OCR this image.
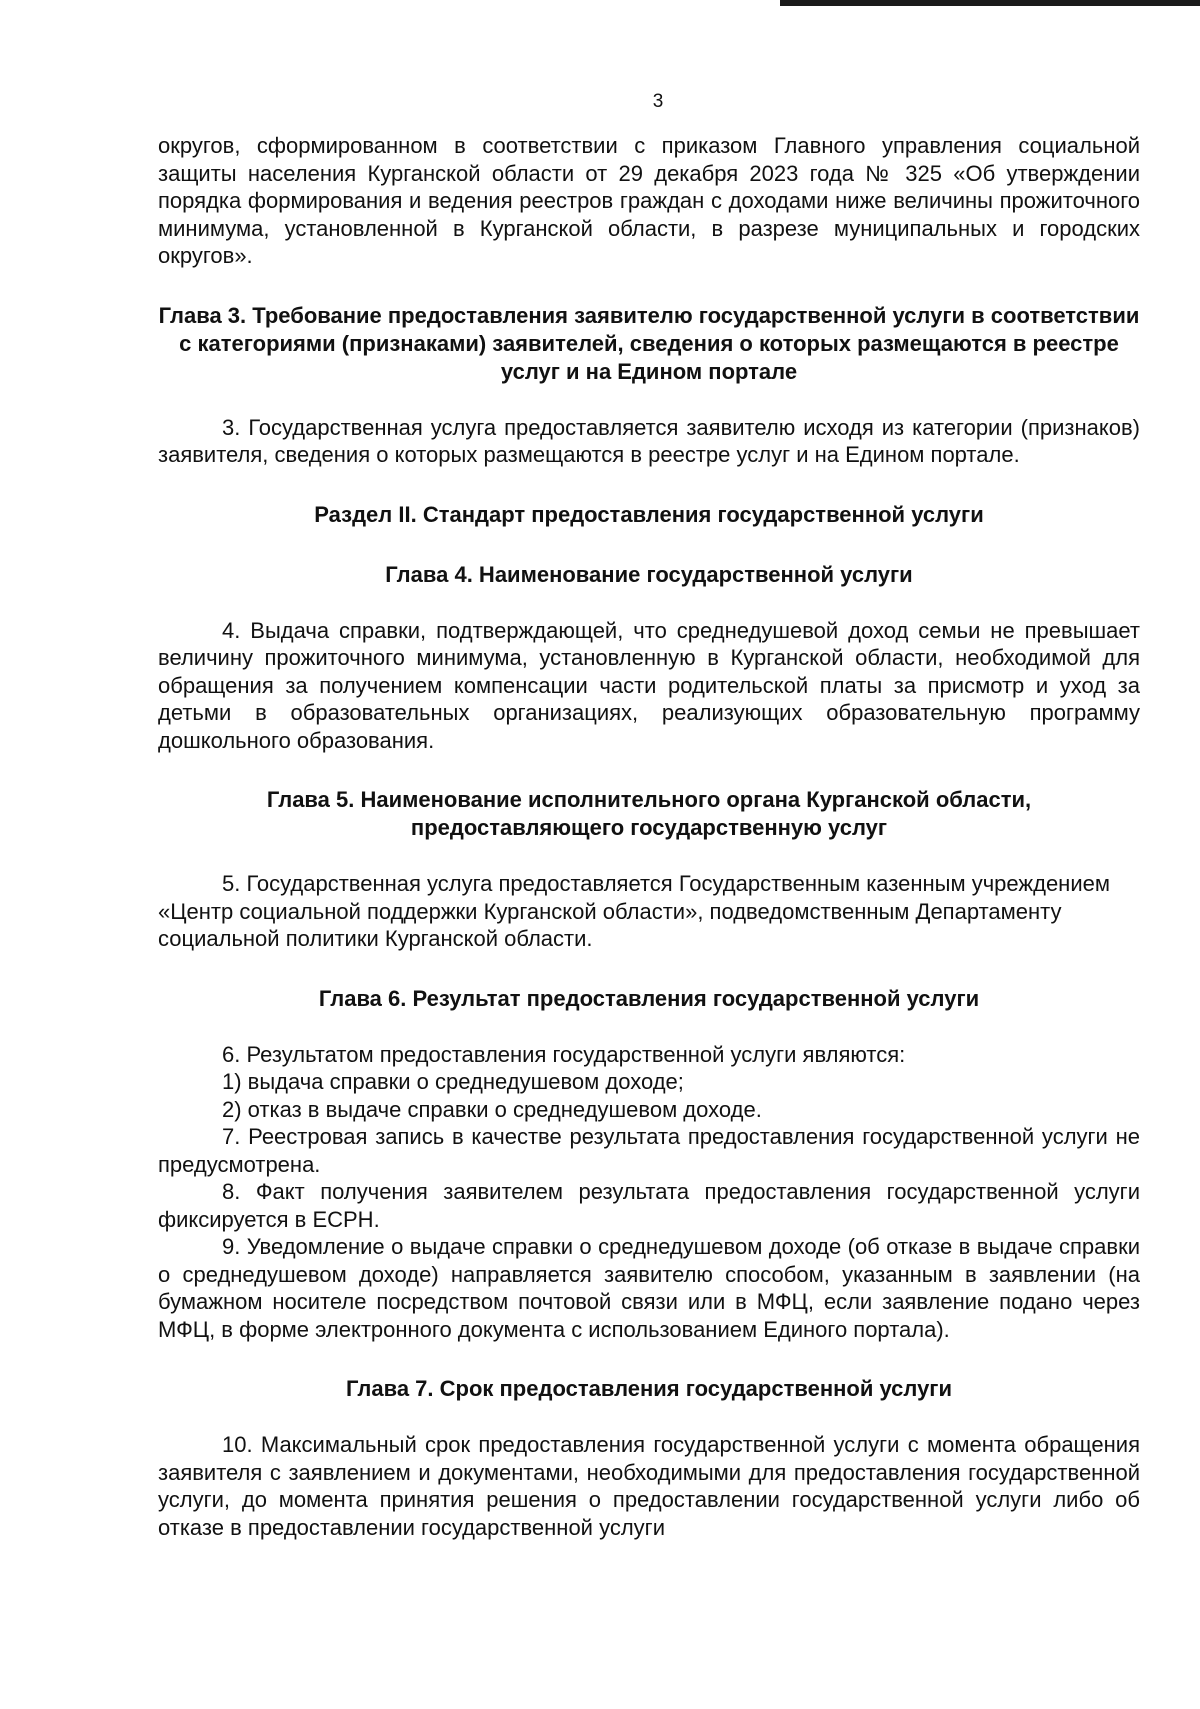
3

округов, сформированном в соответствии с приказом Главного управления социальной защиты населения Курганской области от 29 декабря 2023 года № 325 «Об утверждении порядка формирования и ведения реестров граждан с доходами ниже величины прожиточного минимума, установленной в Курганской области, в разрезе муниципальных и городских округов».

Глава 3. Требование предоставления заявителю государственной услуги в соответствии с категориями (признаками) заявителей, сведения о которых размещаются в реестре услуг и на Едином портале

3. Государственная услуга предоставляется заявителю исходя из категории (признаков) заявителя, сведения о которых размещаются в реестре услуг и на Едином портале.

Раздел II. Стандарт предоставления государственной услуги
Глава 4. Наименование государственной услуги

4. Выдача справки, подтверждающей, что среднедушевой доход семьи не превышает величину прожиточного минимума, установленную в Курганской области, необходимой для обращения за получением компенсации части родительской платы за присмотр и уход за детьми в образовательных организациях, реализующих образовательную программу дошкольного образования.

Глава 5. Наименование исполнительного органа Курганской области, предоставляющего государственную услуг

5. Государственная услуга предоставляется Государственным казенным учреждением «Центр социальной поддержки Курганской области», подведомственным Департаменту социальной политики Курганской области.

Глава 6. Результат предоставления государственной услуги

6. Результатом предоставления государственной услуги являются:

1) выдача справки о среднедушевом доходе;

2) отказ в выдаче справки о среднедушевом доходе.

7. Реестровая запись в качестве результата предоставления государственной услуги не предусмотрена.

8. Факт получения заявителем результата предоставления государственной услуги фиксируется в ЕСРН.

9. Уведомление о выдаче справки о среднедушевом доходе (об отказе в выдаче справки о среднедушевом доходе) направляется заявителю способом, указанным в заявлении (на бумажном носителе посредством почтовой связи или в МФЦ, если заявление подано через МФЦ, в форме электронного документа с использованием Единого портала).

Глава 7. Срок предоставления государственной услуги

10. Максимальный срок предоставления государственной услуги с момента обращения заявителя с заявлением и документами, необходимыми для предоставления государственной услуги, до момента принятия решения о предоставлении государственной услуги либо об отказе в предоставлении государственной услуги
